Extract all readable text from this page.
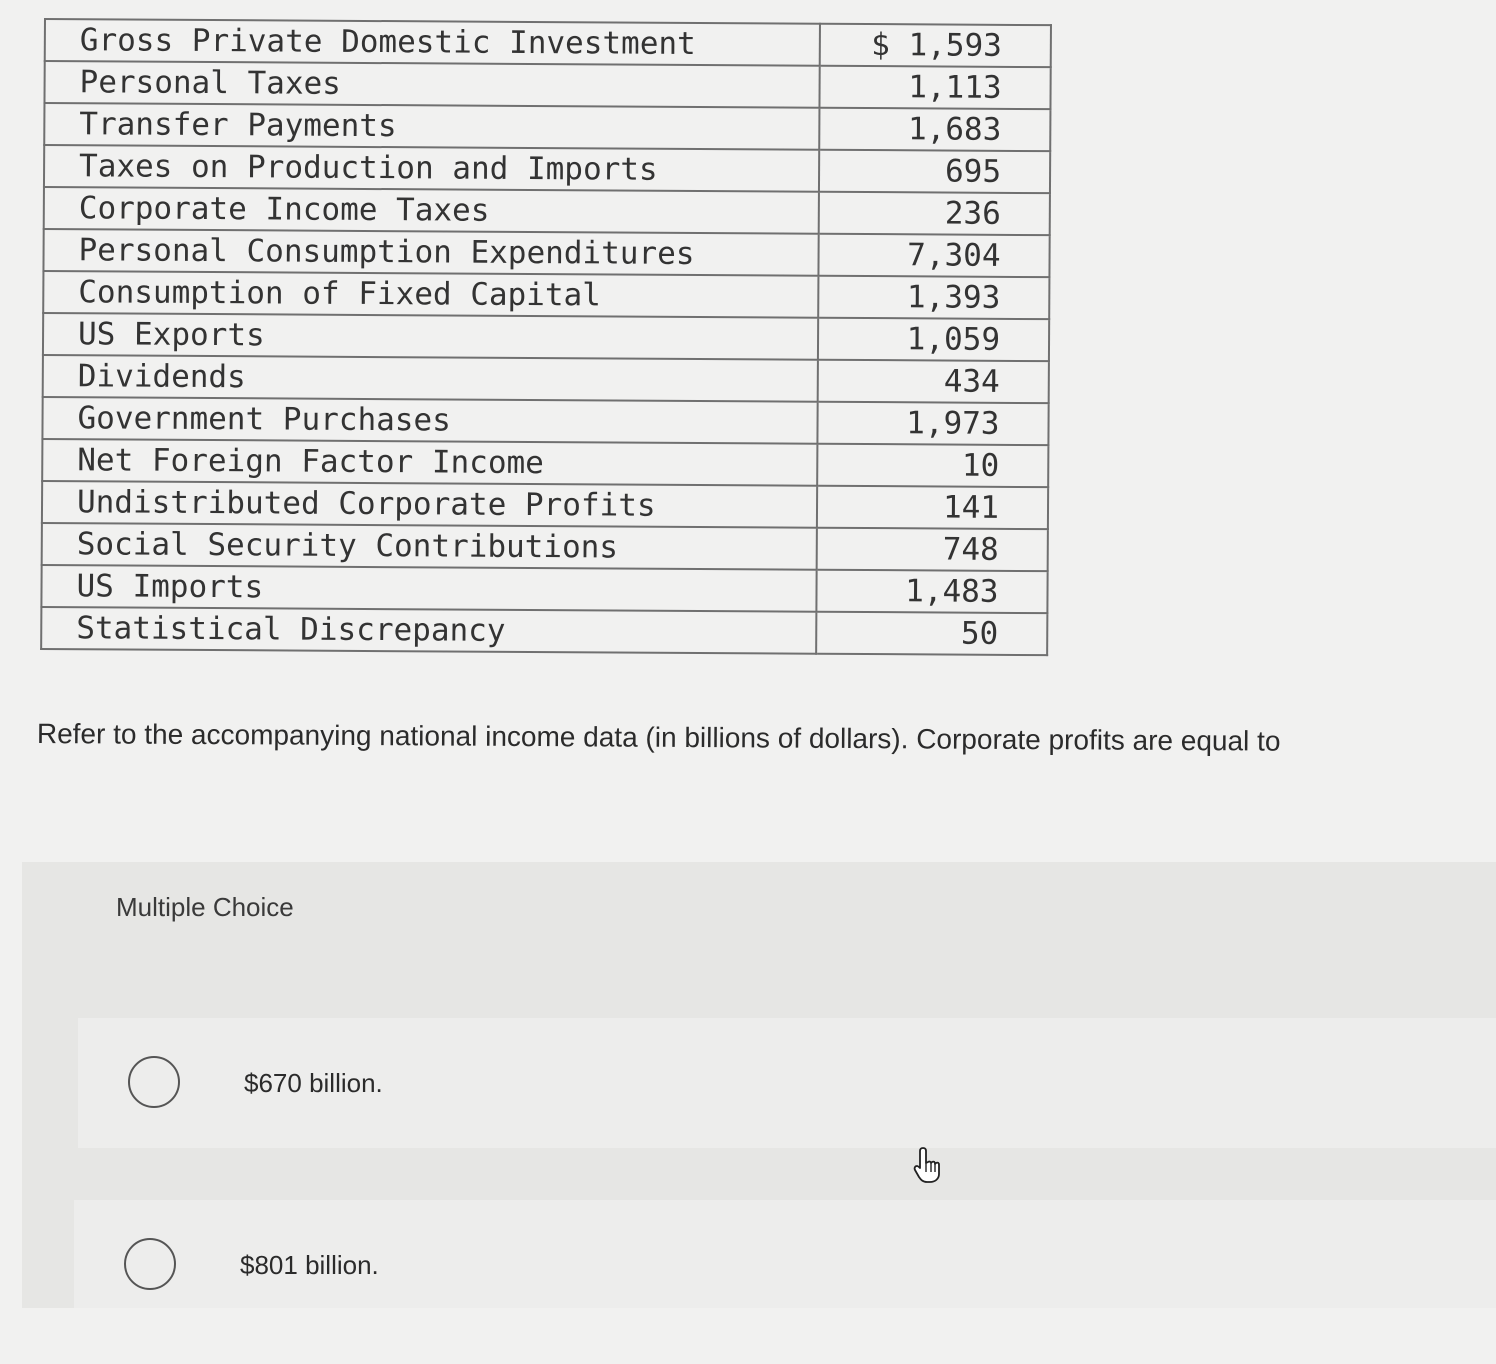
Gross Private Domestic Investment	$ 1,593
Personal Taxes	1,113
Transfer Payments	1,683
Taxes on Production and Imports	695
Corporate Income Taxes	236
Personal Consumption Expenditures	7,304
Consumption of Fixed Capital	1,393
US Exports	1,059
Dividends	434
Government Purchases	1,973
Net Foreign Factor Income	10
Undistributed Corporate Profits	141
Social Security Contributions	748
US Imports	1,483
Statistical Discrepancy	50
Refer to the accompanying national income data (in billions of dollars). Corporate profits are equal to
Multiple Choice
$670 billion.
$801 billion.
